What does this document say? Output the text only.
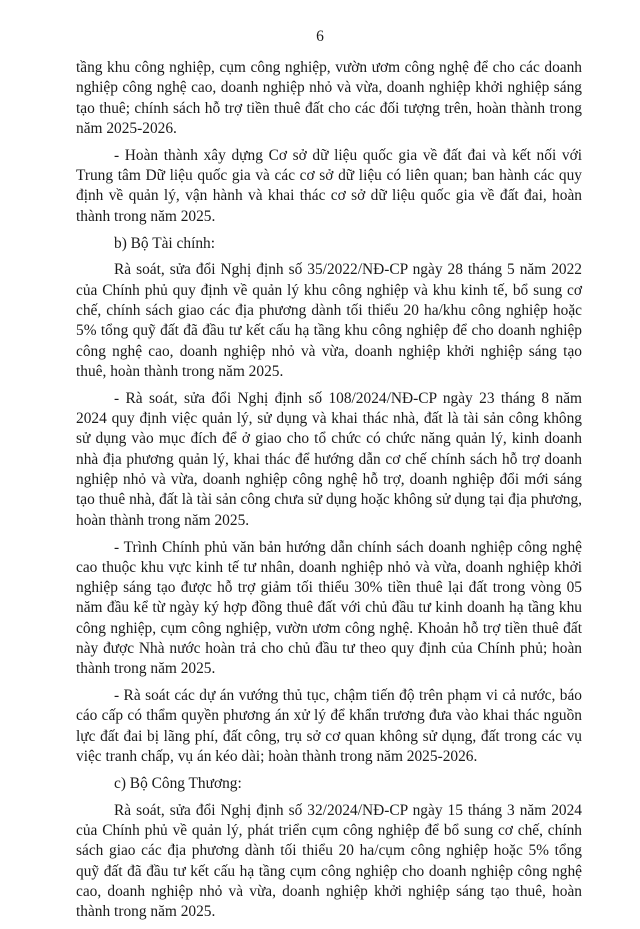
6

tầng khu công nghiệp, cụm công nghiệp, vườn ươm công nghệ để cho các doanh nghiệp công nghệ cao, doanh nghiệp nhỏ và vừa, doanh nghiệp khởi nghiệp sáng tạo thuê; chính sách hỗ trợ tiền thuê đất cho các đối tượng trên, hoàn thành trong năm 2025-2026.

- Hoàn thành xây dựng Cơ sở dữ liệu quốc gia về đất đai và kết nối với Trung tâm Dữ liệu quốc gia và các cơ sở dữ liệu có liên quan; ban hành các quy định về quản lý, vận hành và khai thác cơ sở dữ liệu quốc gia về đất đai, hoàn thành trong năm 2025.

b) Bộ Tài chính:

Rà soát, sửa đổi Nghị định số 35/2022/NĐ-CP ngày 28 tháng 5 năm 2022 của Chính phủ quy định về quản lý khu công nghiệp và khu kinh tế, bổ sung cơ chế, chính sách giao các địa phương dành tối thiểu 20 ha/khu công nghiệp hoặc 5% tổng quỹ đất đã đầu tư kết cấu hạ tầng khu công nghiệp để cho doanh nghiệp công nghệ cao, doanh nghiệp nhỏ và vừa, doanh nghiệp khởi nghiệp sáng tạo thuê, hoàn thành trong năm 2025.

- Rà soát, sửa đổi Nghị định số 108/2024/NĐ-CP ngày 23 tháng 8 năm 2024 quy định việc quản lý, sử dụng và khai thác nhà, đất là tài sản công không sử dụng vào mục đích để ở giao cho tổ chức có chức năng quản lý, kinh doanh nhà địa phương quản lý, khai thác để hướng dẫn cơ chế chính sách hỗ trợ doanh nghiệp nhỏ và vừa, doanh nghiệp công nghệ hỗ trợ, doanh nghiệp đổi mới sáng tạo thuê nhà, đất là tài sản công chưa sử dụng hoặc không sử dụng tại địa phương, hoàn thành trong năm 2025.

- Trình Chính phủ văn bản hướng dẫn chính sách doanh nghiệp công nghệ cao thuộc khu vực kinh tế tư nhân, doanh nghiệp nhỏ và vừa, doanh nghiệp khởi nghiệp sáng tạo được hỗ trợ giảm tối thiểu 30% tiền thuê lại đất trong vòng 05 năm đầu kể từ ngày ký hợp đồng thuê đất với chủ đầu tư kinh doanh hạ tầng khu công nghiệp, cụm công nghiệp, vườn ươm công nghệ. Khoản hỗ trợ tiền thuê đất này được Nhà nước hoàn trả cho chủ đầu tư theo quy định của Chính phủ; hoàn thành trong năm 2025.

- Rà soát các dự án vướng thủ tục, chậm tiến độ trên phạm vi cả nước, báo cáo cấp có thẩm quyền phương án xử lý để khẩn trương đưa vào khai thác nguồn lực đất đai bị lãng phí, đất công, trụ sở cơ quan không sử dụng, đất trong các vụ việc tranh chấp, vụ án kéo dài; hoàn thành trong năm 2025-2026.

c) Bộ Công Thương:

Rà soát, sửa đổi Nghị định số 32/2024/NĐ-CP ngày 15 tháng 3 năm 2024 của Chính phủ về quản lý, phát triển cụm công nghiệp để bổ sung cơ chế, chính sách giao các địa phương dành tối thiểu 20 ha/cụm công nghiệp hoặc 5% tổng quỹ đất đã đầu tư kết cấu hạ tầng cụm công nghiệp cho doanh nghiệp công nghệ cao, doanh nghiệp nhỏ và vừa, doanh nghiệp khởi nghiệp sáng tạo thuê, hoàn thành trong năm 2025.
